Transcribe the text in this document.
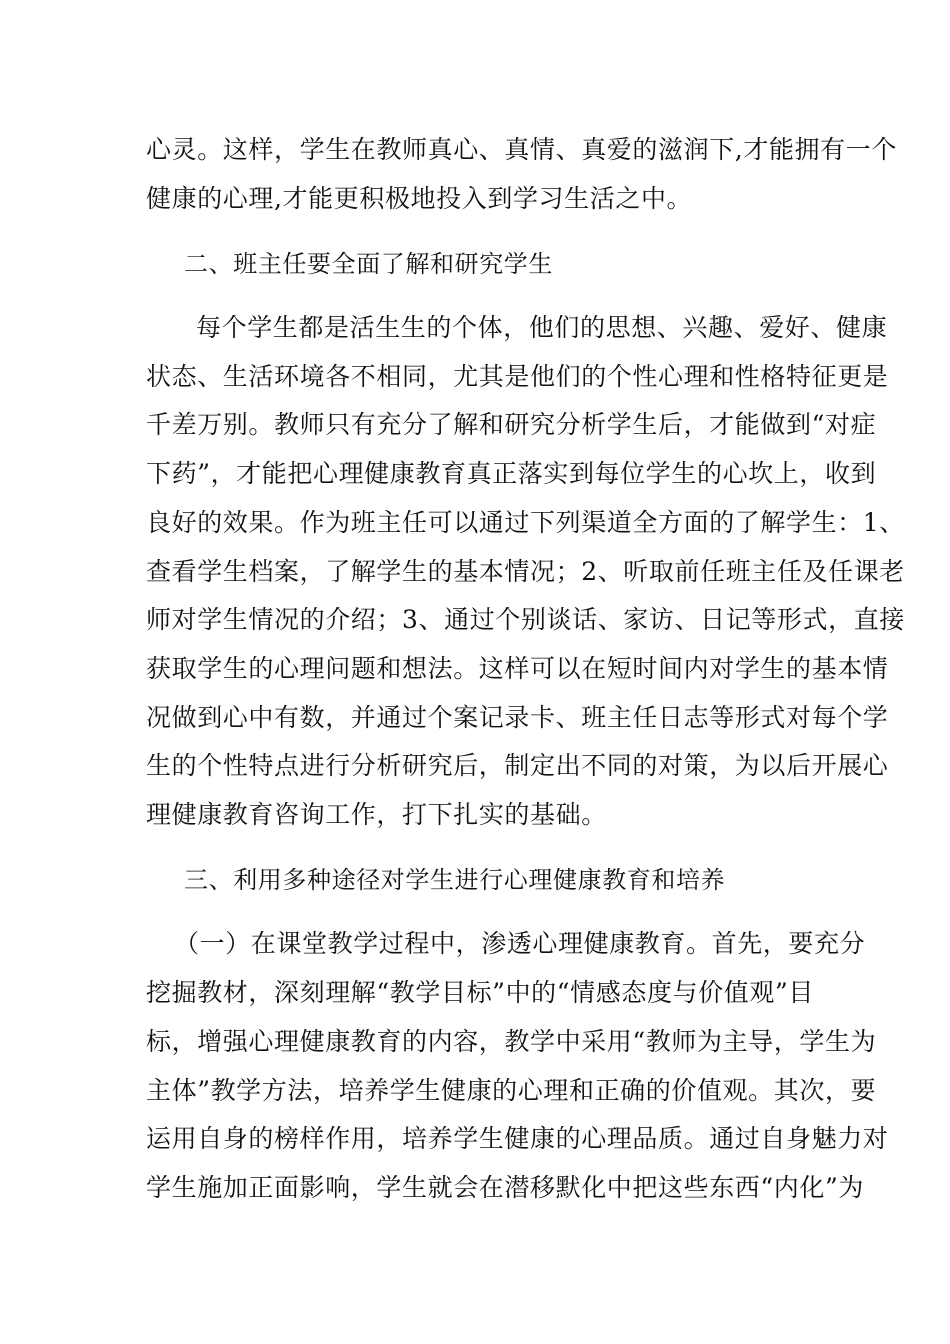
心灵。这样，学生在教师真心、真情、真爱的滋润下,才能拥有一个
健康的心理,才能更积极地投入到学习生活之中。
二、班主任要全面了解和研究学生
每个学生都是活生生的个体，他们的思想、兴趣、爱好、健康
状态、生活环境各不相同，尤其是他们的个性心理和性格特征更是
千差万别。教师只有充分了解和研究分析学生后，才能做到“对症
下药”，才能把心理健康教育真正落实到每位学生的心坎上，收到
良好的效果。作为班主任可以通过下列渠道全方面的了解学生：1、
查看学生档案，了解学生的基本情况；2、听取前任班主任及任课老
师对学生情况的介绍；3、通过个别谈话、家访、日记等形式，直接
获取学生的心理问题和想法。这样可以在短时间内对学生的基本情
况做到心中有数，并通过个案记录卡、班主任日志等形式对每个学
生的个性特点进行分析研究后，制定出不同的对策，为以后开展心
理健康教育咨询工作，打下扎实的基础。
三、利用多种途径对学生进行心理健康教育和培养
（一）在课堂教学过程中，渗透心理健康教育。首先，要充分
挖掘教材，深刻理解“教学目标”中的“情感态度与价值观”目
标，增强心理健康教育的内容，教学中采用“教师为主导，学生为
主体”教学方法，培养学生健康的心理和正确的价值观。其次，要
运用自身的榜样作用，培养学生健康的心理品质。通过自身魅力对
学生施加正面影响，学生就会在潜移默化中把这些东西“内化”为
